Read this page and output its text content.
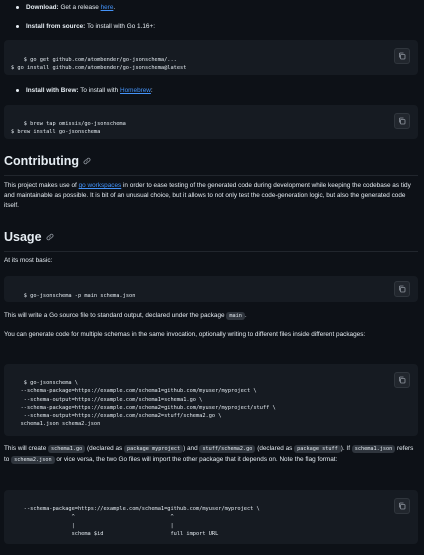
Download: Get a release here.
Install from source: To install with Go 1.16+:

$ go get github.com/atombender/go-jsonschema/...
$ go install github.com/atombender/go-jsonschema@latest

Install with Brew: To install with Homebrew:

$ brew tap omissis/go-jsonschema
$ brew install go-jsonschema

Contributing

This project makes use of go workspaces in order to ease testing of the generated code during development while keeping the codebase as tidy and maintainable as possible. It is bit of an unusual choice, but it allows to not only test the code-generation logic, but also the generated code itself.

Usage

At its most basic:

$ go-jsonschema -p main schema.json

This will write a Go source file to standard output, declared under the package main .

You can generate code for multiple schemas in the same invocation, optionally writing to different files inside different packages:

$ go-jsonschema \
--schema-package=https://example.com/schema1=github.com/myuser/myproject \
--schema-output=https://example.com/schema1=schema1.go \
--schema-package=https://example.com/schema2=github.com/myuser/myproject/stuff \
--schema-output=https://example.com/schema2=stuff/schema2.go \
schema1.json schema2.json

This will create schema1.go (declared as package myproject ) and stuff/schema2.go (declared as package stuff ). If schema1.json refers to schema2.json or vice versa, the two Go files will import the other package that it depends on. Note the flag format:

--schema-package=https://example.com/schema1=github.com/myuser/myproject \
^                              ^
|                              |
schema $id                     full import URL
